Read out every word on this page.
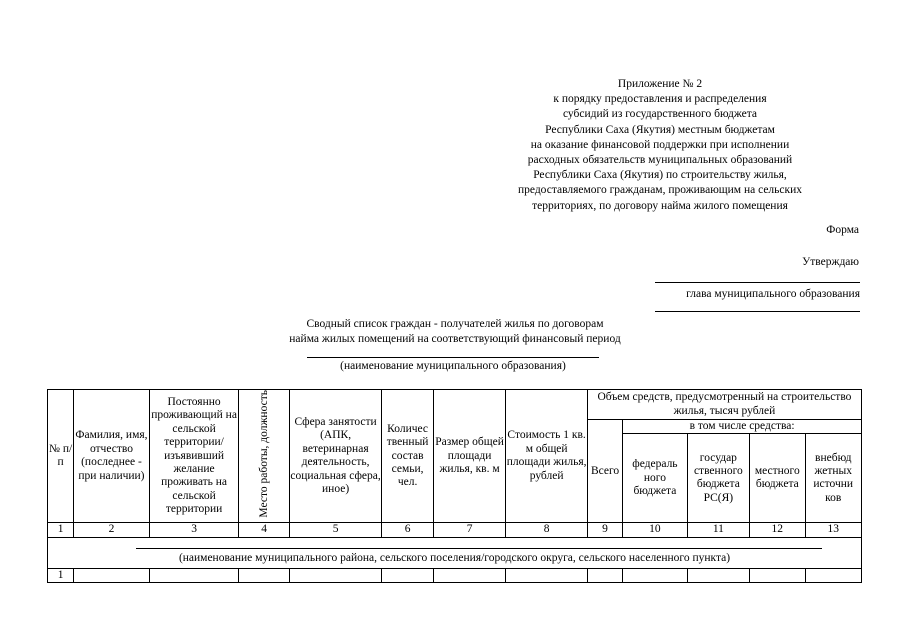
Приложение № 2
к порядку предоставления и распределения
субсидий из государственного бюджета
Республики Саха (Якутия) местным бюджетам
на оказание финансовой поддержки при исполнении
расходных обязательств муниципальных образований
Республики Саха (Якутия) по строительству жилья,
предоставляемого гражданам, проживающим на сельских
территориях, по договору найма жилого помещения
Форма
Утверждаю
глава муниципального образования
Сводный список граждан - получателей жилья по договорам
найма жилых помещений на соответствующий финансовый период
(наименование муниципального образования)
№ п/п	Фамилия, имя, отчество (последнее - при наличии)	Постоянно проживающий на сельской территории/ изъявивший желание проживать на сельской территории	Место работы, должность	Сфера занятости (АПК, ветеринарная деятельность, социальная сфера, иное)	Количес твенный состав семьи, чел.	Размер общей площади жилья, кв. м	Стоимость 1 кв. м общей площади жилья, рублей	Объем средств, предусмотренный на строительство жилья, тысяч рублей				
								Всего	в том числе средства:			
									федераль ного бюджета	государ ственного бюджета РС(Я)	местного бюджета	внебюд жетных источни ков
1	2	3	4	5	6	7	8	9	10	11	12	13

(наименование муниципального района, сельского поселения/городского округа, сельского населенного пункта)												

1												
